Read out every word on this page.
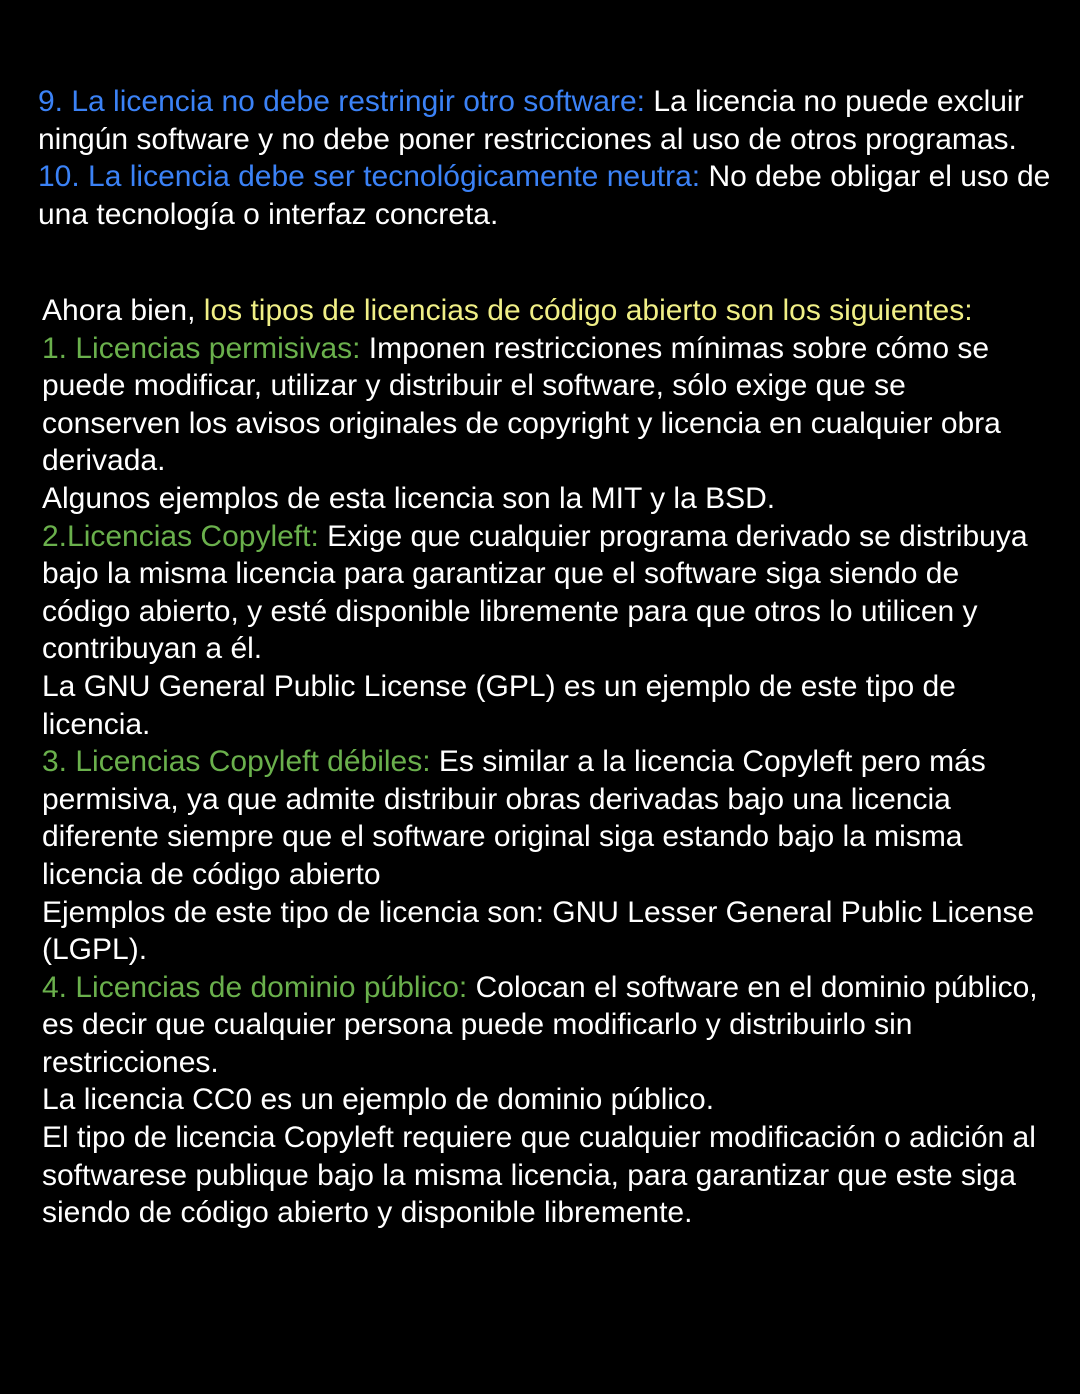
9. La licencia no debe restringir otro software: La licencia no puede excluir ningún software y no debe poner restricciones al uso de otros programas.

10. La licencia debe ser tecnológicamente neutra: No debe obligar el uso de una tecnología o interfaz concreta.

Ahora bien, los tipos de licencias de código abierto son los siguientes:

1. Licencias permisivas: Imponen restricciones mínimas sobre cómo se puede modificar, utilizar y distribuir el software, sólo exige que se conserven los avisos originales de copyright y licencia en cualquier obra derivada.

Algunos ejemplos de esta licencia son la MIT y la BSD.

2.Licencias Copyleft: Exige que cualquier programa derivado se distribuya bajo la misma licencia para garantizar que el software siga siendo de código abierto, y esté disponible libremente para que otros lo utilicen y contribuyan a él.

La GNU General Public License (GPL) es un ejemplo de este tipo de licencia.

3. Licencias Copyleft débiles: Es similar a la licencia Copyleft pero más permisiva, ya que admite distribuir obras derivadas bajo una licencia diferente siempre que el software original siga estando bajo la misma licencia de código abierto

Ejemplos de este tipo de licencia son: GNU Lesser General Public License (LGPL).

4. Licencias de dominio público: Colocan el software en el dominio público, es decir que cualquier persona puede modificarlo y distribuirlo sin restricciones.

La licencia CC0 es un ejemplo de dominio público.

El tipo de licencia Copyleft requiere que cualquier modificación o adición al softwarese publique bajo la misma licencia, para garantizar que este siga siendo de código abierto y disponible libremente.
